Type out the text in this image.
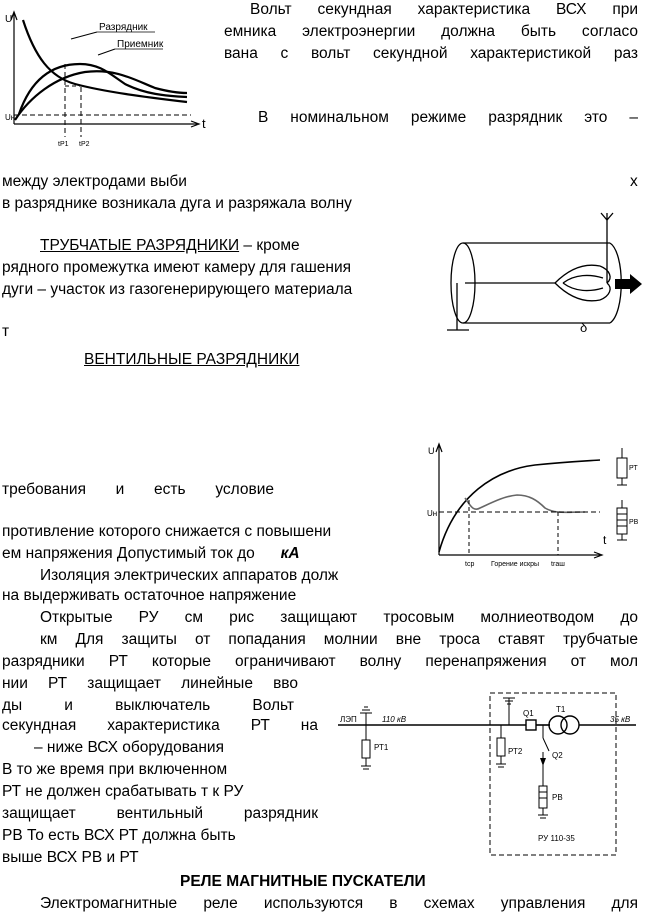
U
t
Разрядник
Приемник
Uн
tP1 tP2
Вольт секундная характеристика ВСХ при
емника электроэнергии должна быть согласо
вана с вольт секундной характеристикой раз
В номинальном режиме разрядник это –
между электродами выби	х
в разряднике возникала дуга и разряжала волну
ТРУБЧАТЫЕ РАЗРЯДНИКИ – кроме
рядного промежутка имеют камеру для гашения
дуги – участок из газогенерирующего материала
т	δ
ВЕНТИЛЬНЫЕ РАЗРЯДНИКИ
требования и есть условие
противление которого снижается с повышени
ем напряжения Допустимый ток до кА
Изоляция электрических аппаратов долж
на выдерживать остаточное напряжение
U
t
Uн
tср Горение искры tгаш
РТ
РВ
Открытые РУ см рис защищают тросовым молниеотводом до
км Для защиты от попадания молнии вне троса ставят трубчатые
разрядники РТ которые ограничивают волну перенапряжения от мол
нии РТ защищает линейные вво
ды и выключатель Вольт
секундная характеристика РТ на
– ниже ВСХ оборудования
В то же время при включенном
РТ не должен срабатывать т к РУ
защищает вентильный разрядник
РВ То есть ВСХ РТ должна быть
выше ВСХ РВ и РТ
ЛЭП	110 кВ
РТ1	РТ2
Q1	Т1
35 кВ
Q2
РВ
РУ 110-35
РЕЛЕ МАГНИТНЫЕ ПУСКАТЕЛИ
Электромагнитные реле используются в схемах управления для
